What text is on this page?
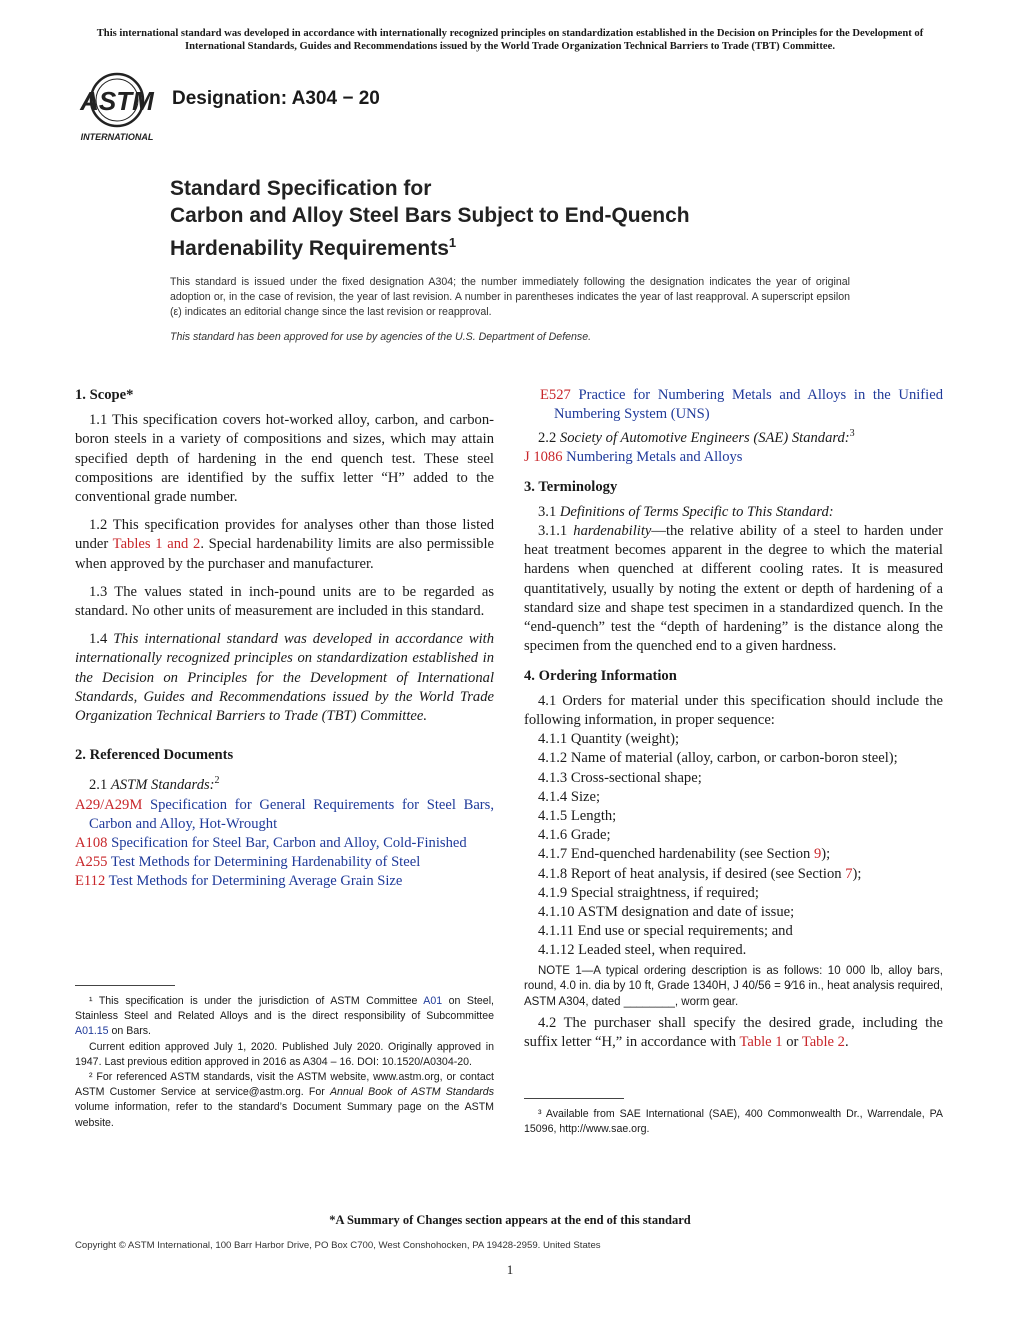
This international standard was developed in accordance with internationally recognized principles on standardization established in the Decision on Principles for the Development of International Standards, Guides and Recommendations issued by the World Trade Organization Technical Barriers to Trade (TBT) Committee.
ASTM
INTERNATIONAL
Designation: A304 − 20
Standard Specification for
Carbon and Alloy Steel Bars Subject to End-Quench
Hardenability Requirements$^1$
This standard is issued under the fixed designation A304; the number immediately following the designation indicates the year of original adoption or, in the case of revision, the year of last revision. A number in parentheses indicates the year of last reapproval. A superscript epsilon (ε) indicates an editorial change since the last revision or reapproval.
This standard has been approved for use by agencies of the U.S. Department of Defense.
1. Scope*

1.1 This specification covers hot-worked alloy, carbon, and carbon-boron steels in a variety of compositions and sizes, which may attain specified depth of hardening in the end quench test. These steel compositions are identified by the suffix letter “H” added to the conventional grade number.

1.2 This specification provides for analyses other than those listed under Tables 1 and 2. Special hardenability limits are also permissible when approved by the purchaser and manufacturer.

1.3 The values stated in inch-pound units are to be regarded as standard. No other units of measurement are included in this standard.

1.4 This international standard was developed in accordance with internationally recognized principles on standardization established in the Decision on Principles for the Development of International Standards, Guides and Recommendations issued by the World Trade Organization Technical Barriers to Trade (TBT) Committee.

2. Referenced Documents

2.1 ASTM Standards:$^2$

A29/A29M Specification for General Requirements for Steel Bars, Carbon and Alloy, Hot-Wrought

A108 Specification for Steel Bar, Carbon and Alloy, Cold-Finished

A255 Test Methods for Determining Hardenability of Steel

E112 Test Methods for Determining Average Grain Size

¹ This specification is under the jurisdiction of ASTM Committee A01 on Steel, Stainless Steel and Related Alloys and is the direct responsibility of Subcommittee A01.15 on Bars.
Current edition approved July 1, 2020. Published July 2020. Originally approved in 1947. Last previous edition approved in 2016 as A304 – 16. DOI: 10.1520/A0304-20.
² For referenced ASTM standards, visit the ASTM website, www.astm.org, or contact ASTM Customer Service at service@astm.org. For Annual Book of ASTM Standards volume information, refer to the standard’s Document Summary page on the ASTM website.

E527 Practice for Numbering Metals and Alloys in the Unified Numbering System (UNS)

2.2 Society of Automotive Engineers (SAE) Standard:$^3$

J 1086 Numbering Metals and Alloys

3. Terminology

3.1 Definitions of Terms Specific to This Standard:

3.1.1 hardenability—the relative ability of a steel to harden under heat treatment becomes apparent in the degree to which the material hardens when quenched at different cooling rates. It is measured quantitatively, usually by noting the extent or depth of hardening of a standard size and shape test specimen in a standardized quench. In the “end-quench” test the “depth of hardening” is the distance along the specimen from the quenched end to a given hardness.

4. Ordering Information

4.1 Orders for material under this specification should include the following information, in proper sequence:

4.1.1 Quantity (weight);

4.1.2 Name of material (alloy, carbon, or carbon-boron steel);

4.1.3 Cross-sectional shape;

4.1.4 Size;

4.1.5 Length;

4.1.6 Grade;

4.1.7 End-quenched hardenability (see Section 9);

4.1.8 Report of heat analysis, if desired (see Section 7);

4.1.9 Special straightness, if required;

4.1.10 ASTM designation and date of issue;

4.1.11 End use or special requirements; and

4.1.12 Leaded steel, when required.

NOTE 1—A typical ordering description is as follows: 10 000 lb, alloy bars, round, 4.0 in. dia by 10 ft, Grade 1340H, J 40/56 = 9⁄16 in., heat analysis required, ASTM A304, dated ________, worm gear.

4.2 The purchaser shall specify the desired grade, including the suffix letter “H,” in accordance with Table 1 or Table 2.

³ Available from SAE International (SAE), 400 Commonwealth Dr., Warrendale, PA 15096, http://www.sae.org.
*A Summary of Changes section appears at the end of this standard
Copyright © ASTM International, 100 Barr Harbor Drive, PO Box C700, West Conshohocken, PA 19428-2959. United States
1
